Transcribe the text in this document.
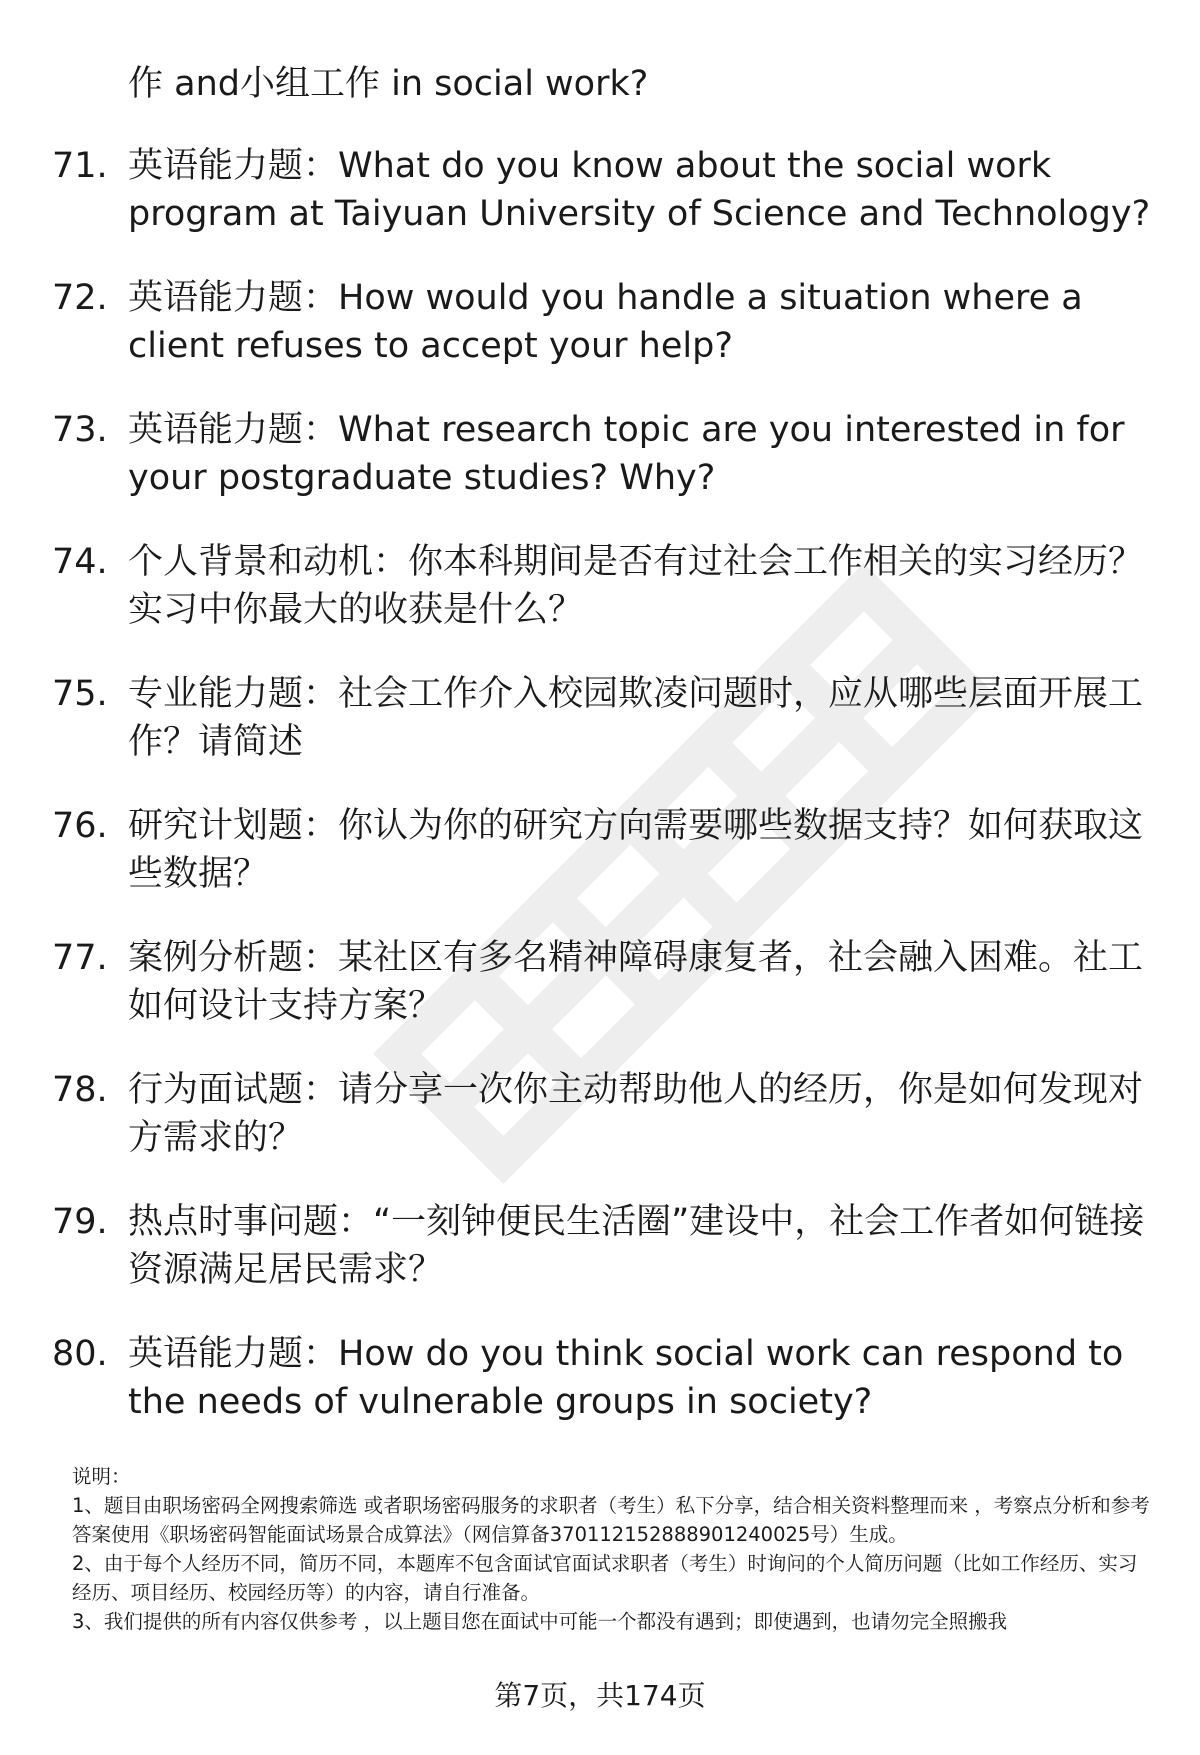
作 and小组工作 in social work?
71. 英语能力题：What do you know about the social work program at Taiyuan University of Science and Technology?
72. 英语能力题：How would you handle a situation where a client refuses to accept your help?
73. 英语能力题：What research topic are you interested in for your postgraduate studies? Why?
74. 个人背景和动机：你本科期间是否有过社会工作相关的实习经历？实习中你最大的收获是什么？
75. 专业能力题：社会工作介入校园欺凌问题时，应从哪些层面开展工作？请简述
76. 研究计划题：你认为你的研究方向需要哪些数据支持？如何获取这些数据？
77. 案例分析题：某社区有多名精神障碍康复者，社会融入困难。社工如何设计支持方案？
78. 行为面试题：请分享一次你主动帮助他人的经历，你是如何发现对方需求的？
79. 热点时事问题：“一刻钟便民生活圈”建设中，社会工作者如何链接资源满足居民需求？
80. 英语能力题：How do you think social work can respond to the needs of vulnerable groups in society?

说明：

1、题目由职场密码全网搜索筛选 或者职场密码服务的求职者（考生）私下分享，结合相关资料整理而来 ，考察点分析和参考答案使用《职场密码智能面试场景合成算法》（网信算备37011215288890124​0025号）生成。

2、由于每个人经历不同，简历不同，本题库不包含面试官面试求职者（考生）时询问的个人简历问题（比如工作经历、实习经历、项目经历、校园经历等）的内容，请自行准备。

3、我们提供的所有内容仅供参考 ，以上题目您在面试中可能一个都没有遇到；即使遇到，也请勿完全照搬我

第7页，共174页
